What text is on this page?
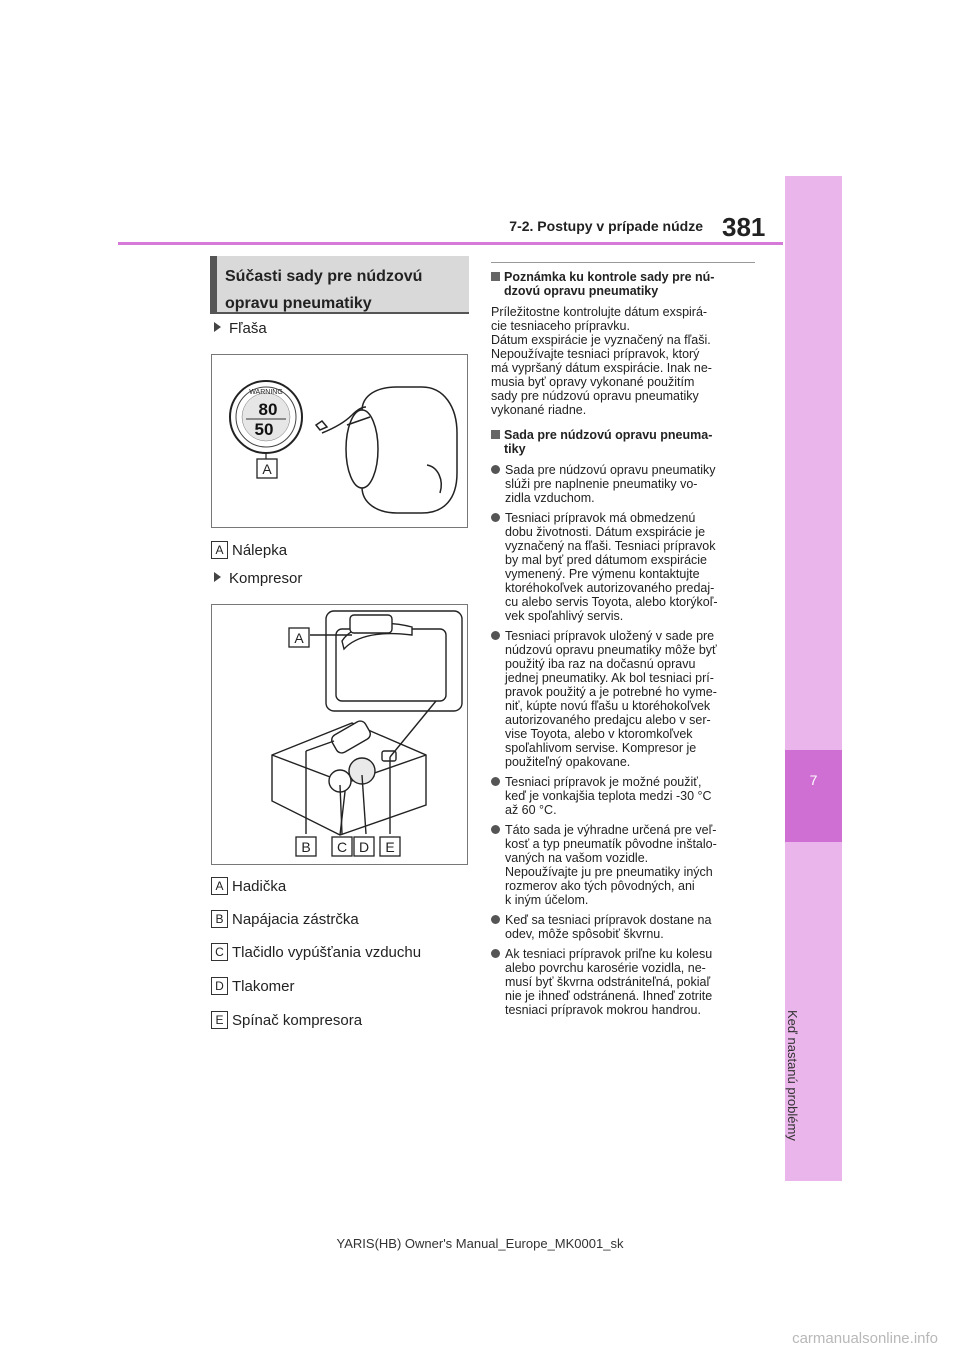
7
Keď nastanú problémy
7-2. Postupy v prípade núdze 381
Súčasti sady pre núdzovú
opravu pneumatiky
Fľaša
WARNING
80
50
A
A Nálepka
Kompresor
A
B C D E
A Hadička
B Napájacia zástrčka
C Tlačidlo vypúšťania vzduchu
D Tlakomer
E Spínač kompresora
Poznámka ku kontrole sady pre nú-
dzovú opravu pneumatiky
Príležitostne kontrolujte dátum exspirá-
cie tesniaceho prípravku.
Dátum exspirácie je vyznačený na fľaši.
Nepoužívajte tesniaci prípravok, ktorý
má vypršaný dátum exspirácie. Inak ne-
musia byť opravy vykonané použitím
sady pre núdzovú opravu pneumatiky
vykonané riadne.
Sada pre núdzovú opravu pneuma-
tiky
Sada pre núdzovú opravu pneumatiky
slúži pre naplnenie pneumatiky vo-
zidla vzduchom.
Tesniaci prípravok má obmedzenú
dobu životnosti. Dátum exspirácie je
vyznačený na fľaši. Tesniaci prípravok
by mal byť pred dátumom exspirácie
vymenený. Pre výmenu kontaktujte
ktoréhokoľvek autorizovaného predaj-
cu alebo servis Toyota, alebo ktorýkoľ-
vek spoľahlivý servis.
Tesniaci prípravok uložený v sade pre
núdzovú opravu pneumatiky môže byť
použitý iba raz na dočasnú opravu
jednej pneumatiky. Ak bol tesniaci prí-
pravok použitý a je potrebné ho vyme-
niť, kúpte novú fľašu u ktoréhokoľvek
autorizovaného predajcu alebo v ser-
vise Toyota, alebo v ktoromkoľvek
spoľahlivom servise. Kompresor je
použiteľný opakovane.
Tesniaci prípravok je možné použiť,
keď je vonkajšia teplota medzi -30 °C
až 60 °C.
Táto sada je výhradne určená pre veľ-
kosť a typ pneumatík pôvodne inštalo-
vaných na vašom vozidle.
Nepoužívajte ju pre pneumatiky iných
rozmerov ako tých pôvodných, ani
k iným účelom.
Keď sa tesniaci prípravok dostane na
odev, môže spôsobiť škvrnu.
Ak tesniaci prípravok priľne ku kolesu
alebo povrchu karosérie vozidla, ne-
musí byť škvrna odstrániteľná, pokiaľ
nie je ihneď odstránená. Ihneď zotrite
tesniaci prípravok mokrou handrou.
YARIS(HB) Owner's Manual_Europe_MK0001_sk
carmanualsonline.info
